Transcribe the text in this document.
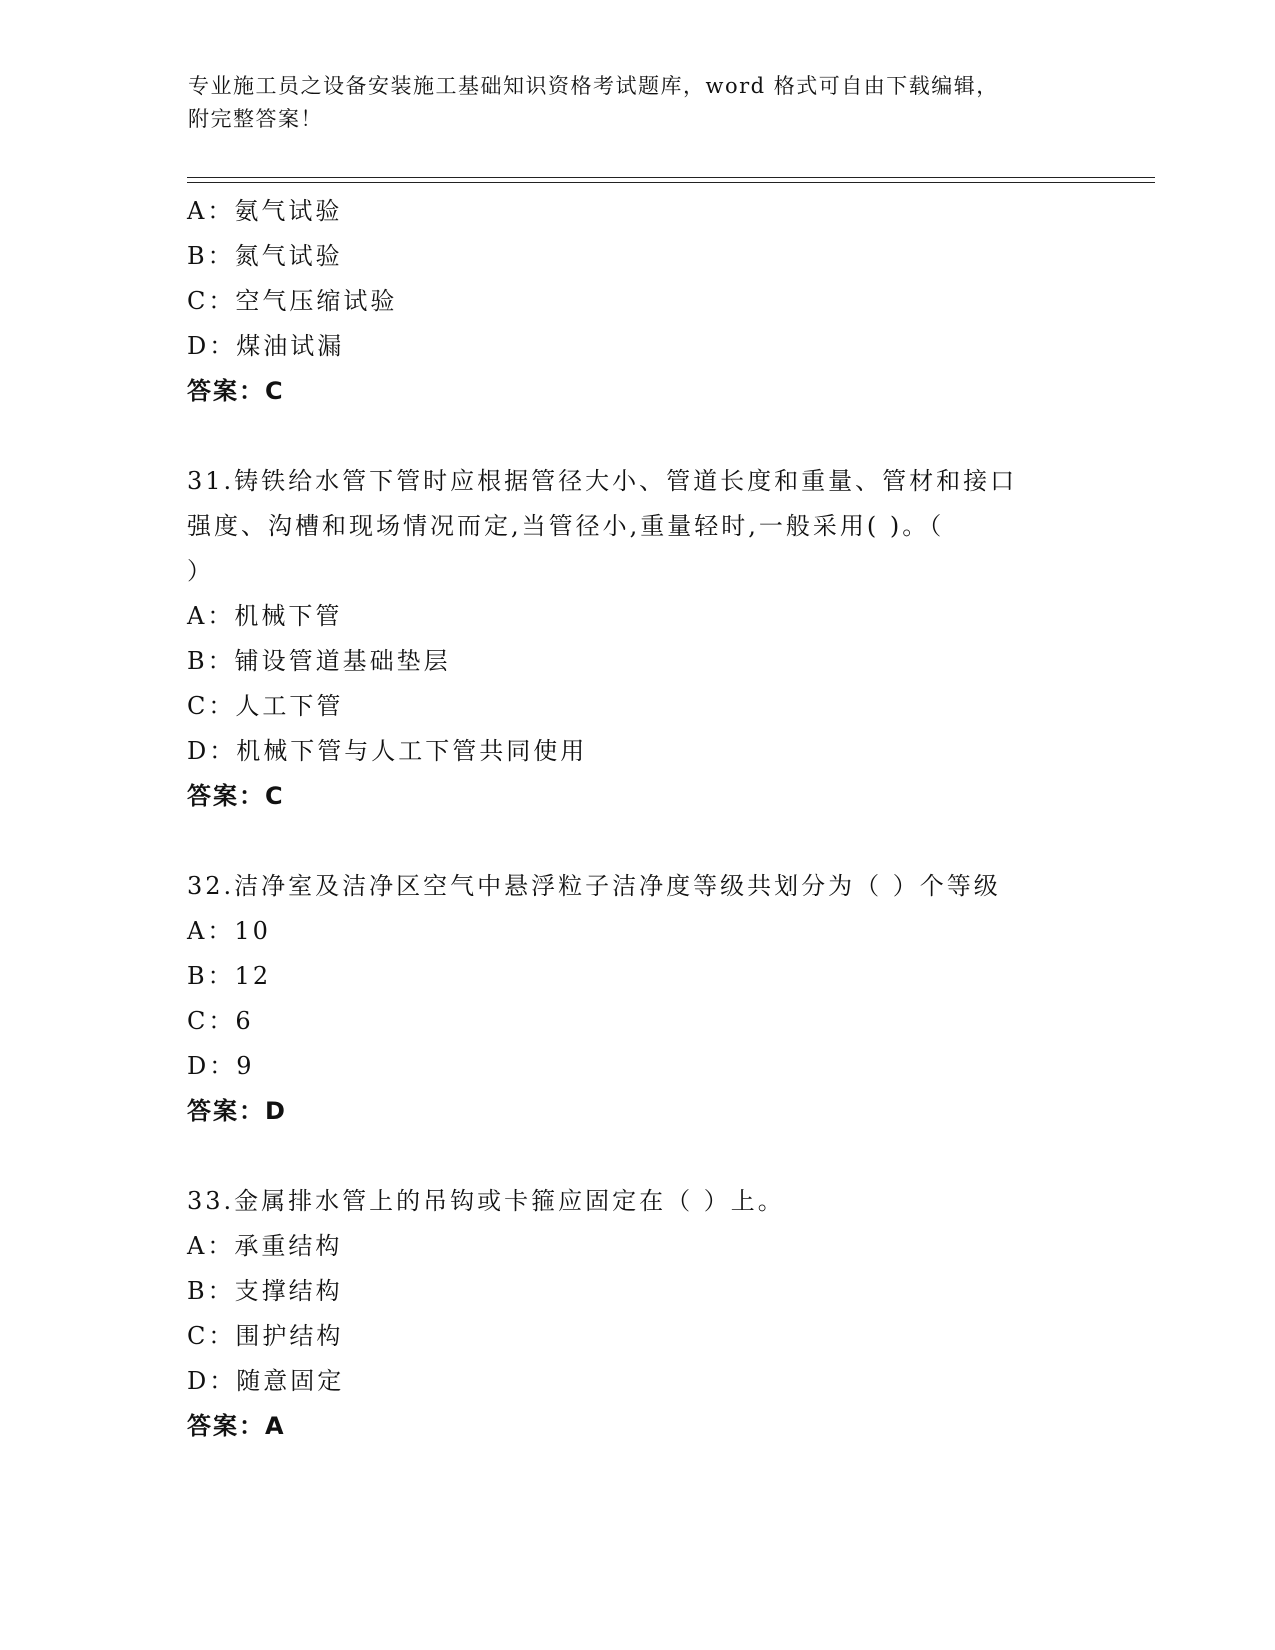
专业施工员之设备安装施工基础知识资格考试题库，word 格式可自由下载编辑，
附完整答案！
A：氨气试验
B：氮气试验
C：空气压缩试验
D：煤油试漏
答案：C
31.铸铁给水管下管时应根据管径大小、管道长度和重量、管材和接口
强度、沟槽和现场情况而定,当管径小,重量轻时,一般采用( )。（
）
A：机械下管
B：铺设管道基础垫层
C：人工下管
D：机械下管与人工下管共同使用
答案：C
32.洁净室及洁净区空气中悬浮粒子洁净度等级共划分为（ ）个等级
A：10
B：12
C：6
D：9
答案：D
33.金属排水管上的吊钩或卡箍应固定在（ ）上。
A：承重结构
B：支撑结构
C：围护结构
D：随意固定
答案：A
